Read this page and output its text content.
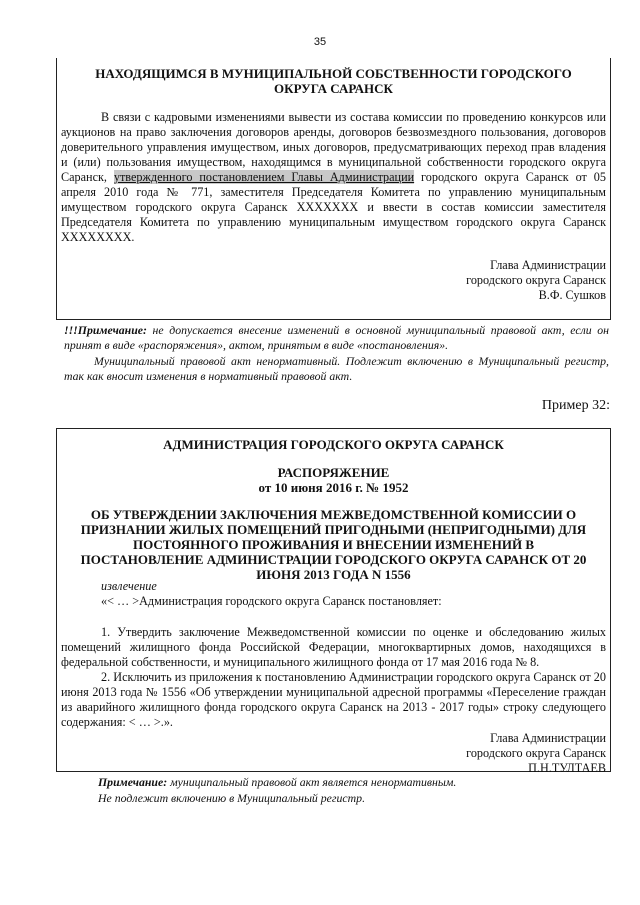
35

НАХОДЯЩИМСЯ В МУНИЦИПАЛЬНОЙ СОБСТВЕННОСТИ ГОРОДСКОГО ОКРУГА САРАНСК

В связи с кадровыми изменениями вывести из состава комиссии по проведению конкурсов или аукционов на право заключения договоров аренды, договоров безвозмездного пользования, договоров доверительного управления имуществом, иных договоров, предусматривающих переход прав владения и (или) пользования имуществом, находящимся в муниципальной собственности городского округа Саранск, утвержденного постановлением Главы Администрации городского округа Саранск от 05 апреля 2010 года № 771, заместителя Председателя Комитета по управлению муниципальным имуществом городского округа Саранск ХХХХХХХ и ввести в состав комиссии заместителя Председателя Комитета по управлению муниципальным имуществом городского округа Саранск ХХХХХХХХ.

Глава Администрации

городского округа Саранск

В.Ф. Сушков

!!!Примечание: не допускается внесение изменений в основной муниципальный правовой акт, если он принят в виде «распоряжения», актом, принятым в виде «постановления».

Муниципальный правовой акт ненормативный. Подлежит включению в Муниципальный регистр, так как вносит изменения в нормативный правовой акт.

Пример 32:

АДМИНИСТРАЦИЯ ГОРОДСКОГО ОКРУГА САРАНСК

РАСПОРЯЖЕНИЕ

от 10 июня 2016 г. № 1952

ОБ УТВЕРЖДЕНИИ ЗАКЛЮЧЕНИЯ МЕЖВЕДОМСТВЕННОЙ КОМИССИИ О ПРИЗНАНИИ ЖИЛЫХ ПОМЕЩЕНИЙ ПРИГОДНЫМИ (НЕПРИГОДНЫМИ) ДЛЯ ПОСТОЯННОГО ПРОЖИВАНИЯ И ВНЕСЕНИИ ИЗМЕНЕНИЙ В ПОСТАНОВЛЕНИЕ АДМИНИСТРАЦИИ ГОРОДСКОГО ОКРУГА САРАНСК ОТ 20 ИЮНЯ 2013 ГОДА N 1556

извлечение

«< … >Администрация городского округа Саранск постановляет:

1. Утвердить заключение Межведомственной комиссии по оценке и обследованию жилых помещений жилищного фонда Российской Федерации, многоквартирных домов, находящихся в федеральной собственности, и муниципального жилищного фонда от 17 мая 2016 года № 8.

2. Исключить из приложения к постановлению Администрации городского округа Саранск от 20 июня 2013 года № 1556 «Об утверждении муниципальной адресной программы «Переселение граждан из аварийного жилищного фонда городского округа Саранск на 2013 - 2017 годы» строку следующего содержания: < … >.».

Глава Администрации

городского округа Саранск

П.Н.ТУЛТАЕВ

Примечание: муниципальный правовой акт является ненормативным.

Не подлежит включению в Муниципальный регистр.
